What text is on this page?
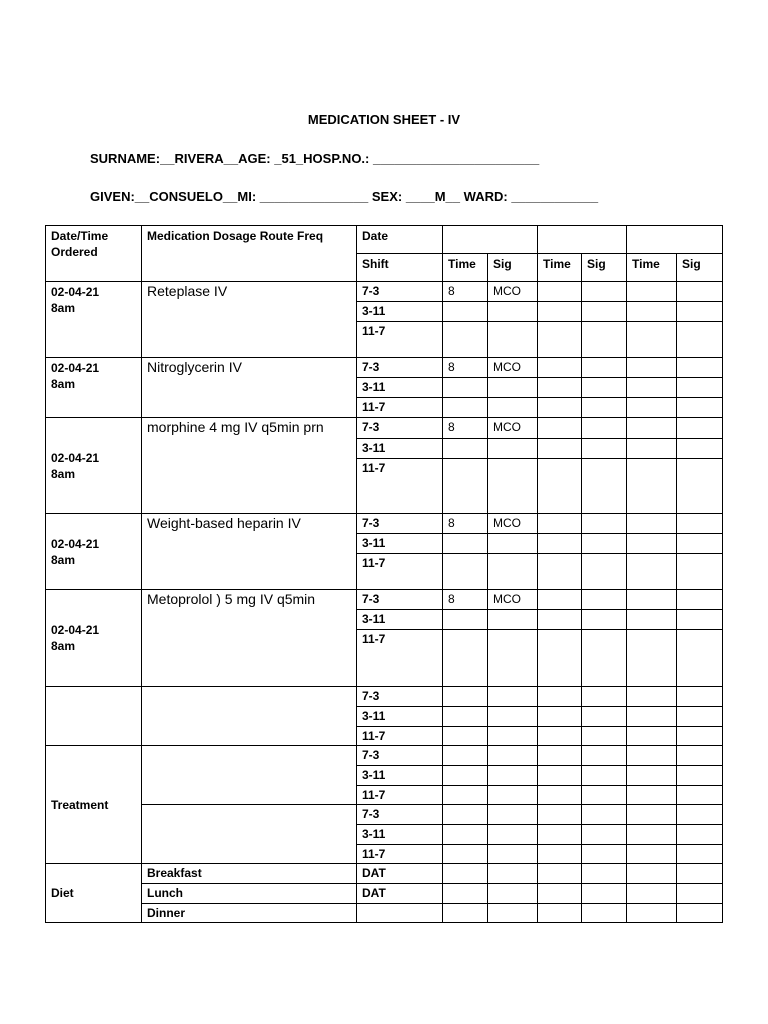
MEDICATION SHEET - IV
SURNAME:__RIVERA__AGE: _51_HOSP.NO.: _______________________
GIVEN:__CONSUELO__MI: _______________ SEX: ____M__ WARD: ____________
Date/Time Ordered	Medication Dosage Route Freq	Date						
		Shift	Time	Sig	Time	Sig	Time	Sig
02-04-21
8am	Reteplase IV	7-3	8	MCO				
		3-11						
		11-7						
02-04-21
8am	Nitroglycerin IV	7-3	8	MCO				
		3-11						
		11-7						
02-04-21
8am	morphine 4 mg IV q5min prn	7-3	8	MCO				
		3-11						
		11-7						
02-04-21
8am	Weight-based heparin IV	7-3	8	MCO				
		3-11						
		11-7						
02-04-21
8am	Metoprolol ) 5 mg IV q5min	7-3	8	MCO				
		3-11						
		11-7						
		7-3						
		3-11						
		11-7						
Treatment		7-3						
		3-11						
		11-7						
		7-3						
		3-11						
		11-7						
Diet	Breakfast	DAT						
	Lunch	DAT						
	Dinner							
